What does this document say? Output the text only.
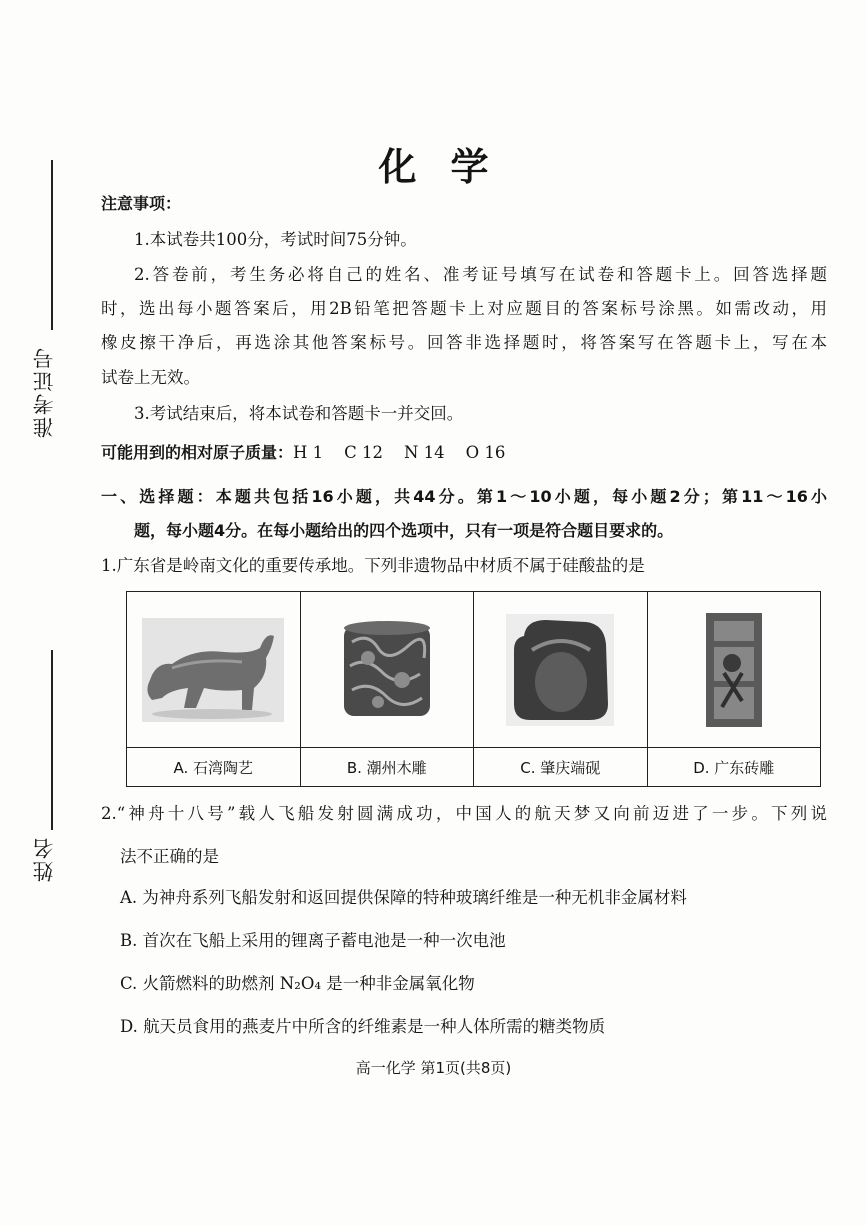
准考证号
姓名
化学
注意事项：
1.本试卷共100分，考试时间75分钟。
2.答卷前，考生务必将自己的姓名、准考证号填写在试卷和答题卡上。回答选择题
时，选出每小题答案后，用2B铅笔把答题卡上对应题目的答案标号涂黑。如需改动，用
橡皮擦干净后，再选涂其他答案标号。回答非选择题时，将答案写在答题卡上，写在本
试卷上无效。
3.考试结束后，将本试卷和答题卡一并交回。
可能用到的相对原子质量：H 1    C 12    N 14    O 16
一、选择题：本题共包括16小题，共44分。第1～10小题，每小题2分；第11～16小
题，每小题4分。在每小题给出的四个选项中，只有一项是符合题目要求的。
1.广东省是岭南文化的重要传承地。下列非遗物品中材质不属于硅酸盐的是

A. 石湾陶艺	B. 潮州木雕	C. 肇庆端砚	D. 广东砖雕
2.“神舟十八号”载人飞船发射圆满成功，中国人的航天梦又向前迈进了一步。下列说
法不正确的是
A. 为神舟系列飞船发射和返回提供保障的特种玻璃纤维是一种无机非金属材料
B. 首次在飞船上采用的锂离子蓄电池是一种一次电池
C. 火箭燃料的助燃剂 N₂O₄ 是一种非金属氧化物
D. 航天员食用的燕麦片中所含的纤维素是一种人体所需的糖类物质
高一化学 第1页(共8页)
